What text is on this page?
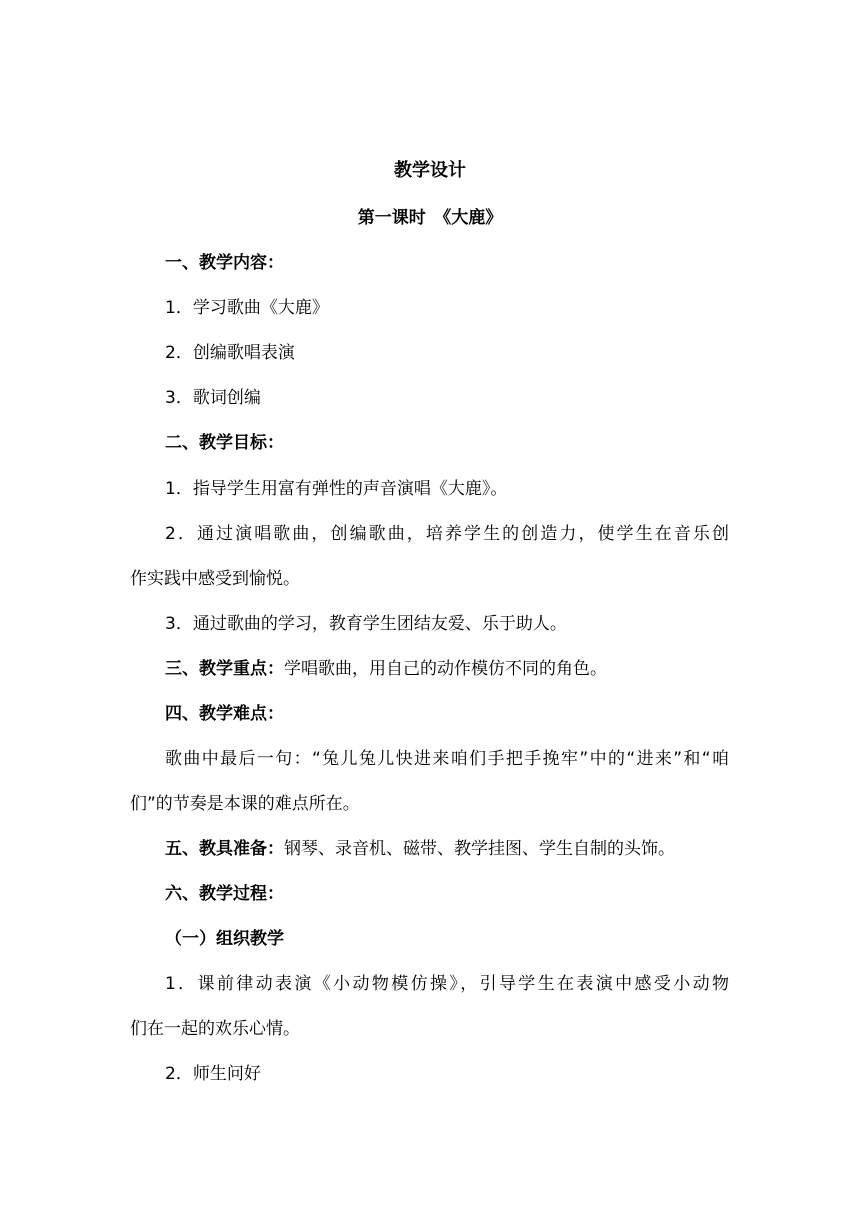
教学设计
第一课时　《大鹿》
一、教学内容：
1．学习歌曲《大鹿》
2．创编歌唱表演
3．歌词创编
二、教学目标：
1．指导学生用富有弹性的声音演唱《大鹿》。
2．通过演唱歌曲，创编歌曲，培养学生的创造力，使学生在音乐创
作实践中感受到愉悦。
3．通过歌曲的学习，教育学生团结友爱、乐于助人。
三、教学重点：学唱歌曲，用自己的动作模仿不同的角色。
四、教学难点：
歌曲中最后一句：“兔儿兔儿快进来咱们手把手挽牢”中的“进来”和“咱
们”的节奏是本课的难点所在。
五、教具准备：钢琴、录音机、磁带、教学挂图、学生自制的头饰。
六、教学过程：
（一）组织教学
1．课前律动表演《小动物模仿操》，引导学生在表演中感受小动物
们在一起的欢乐心情。
2．师生问好
